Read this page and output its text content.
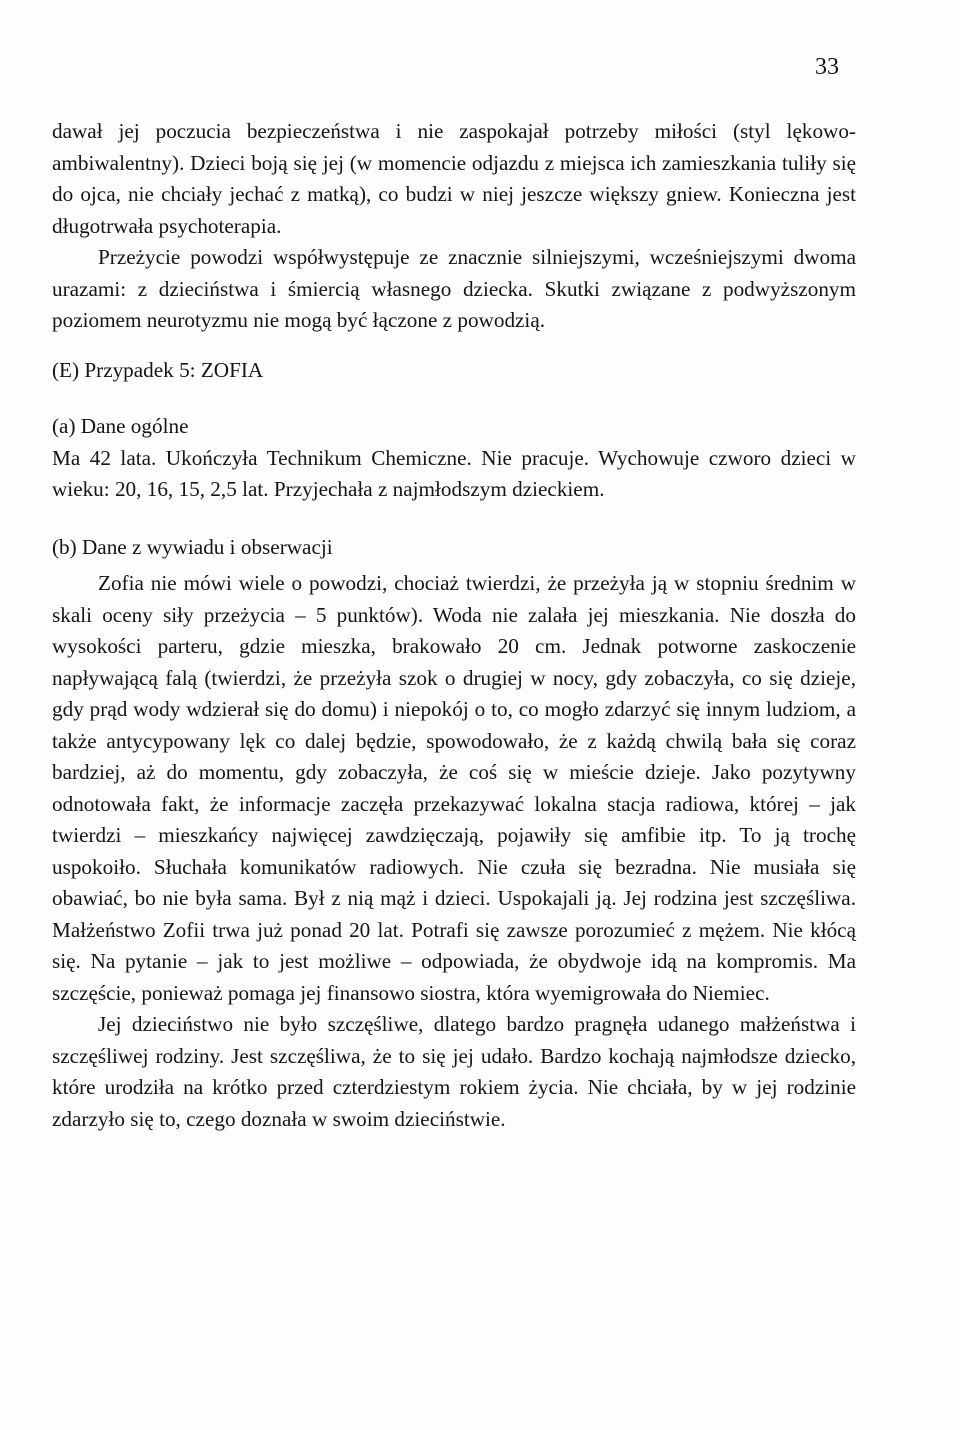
33

dawał jej poczucia bezpieczeństwa i nie zaspokajał potrzeby miłości (styl lękowo-ambiwalentny). Dzieci boją się jej (w momencie odjazdu z miejsca ich zamieszkania tuliły się do ojca, nie chciały jechać z matką), co budzi w niej jeszcze większy gniew. Konieczna jest długotrwała psychoterapia.

Przeżycie powodzi współwystępuje ze znacznie silniejszymi, wcześniejszymi dwoma urazami: z dzieciństwa i śmiercią własnego dziecka. Skutki związane z podwyższonym poziomem neurotyzmu nie mogą być łączone z powodzią.

(E) Przypadek 5: ZOFIA

(a) Dane ogólne

Ma 42 lata. Ukończyła Technikum Chemiczne. Nie pracuje. Wychowuje czworo dzieci w wieku: 20, 16, 15, 2,5 lat. Przyjechała z najmłodszym dzieckiem.

(b) Dane z wywiadu i obserwacji

Zofia nie mówi wiele o powodzi, chociaż twierdzi, że przeżyła ją w stopniu średnim w skali oceny siły przeżycia – 5 punktów). Woda nie zalała jej mieszkania. Nie doszła do wysokości parteru, gdzie mieszka, brakowało 20 cm. Jednak potworne zaskoczenie napływającą falą (twierdzi, że przeżyła szok o drugiej w nocy, gdy zobaczyła, co się dzieje, gdy prąd wody wdzierał się do domu) i niepokój o to, co mogło zdarzyć się innym ludziom, a także antycypowany lęk co dalej będzie, spowodowało, że z każdą chwilą bała się coraz bardziej, aż do momentu, gdy zobaczyła, że coś się w mieście dzieje. Jako pozytywny odnotowała fakt, że informacje zaczęła przekazywać lokalna stacja radiowa, której – jak twierdzi – mieszkańcy najwięcej zawdzięczają, pojawiły się amfibie itp. To ją trochę uspokoiło. Słuchała komunikatów radiowych. Nie czuła się bezradna. Nie musiała się obawiać, bo nie była sama. Był z nią mąż i dzieci. Uspokajali ją. Jej rodzina jest szczęśliwa. Małżeństwo Zofii trwa już ponad 20 lat. Potrafi się zawsze porozumieć z mężem. Nie kłócą się. Na pytanie – jak to jest możliwe – odpowiada, że obydwoje idą na kompromis. Ma szczęście, ponieważ pomaga jej finansowo siostra, która wyemigrowała do Niemiec.

Jej dzieciństwo nie było szczęśliwe, dlatego bardzo pragnęła udanego małżeństwa i szczęśliwej rodziny. Jest szczęśliwa, że to się jej udało. Bardzo kochają najmłodsze dziecko, które urodziła na krótko przed czterdziestym rokiem życia. Nie chciała, by w jej rodzinie zdarzyło się to, czego doznała w swoim dzieciństwie.
